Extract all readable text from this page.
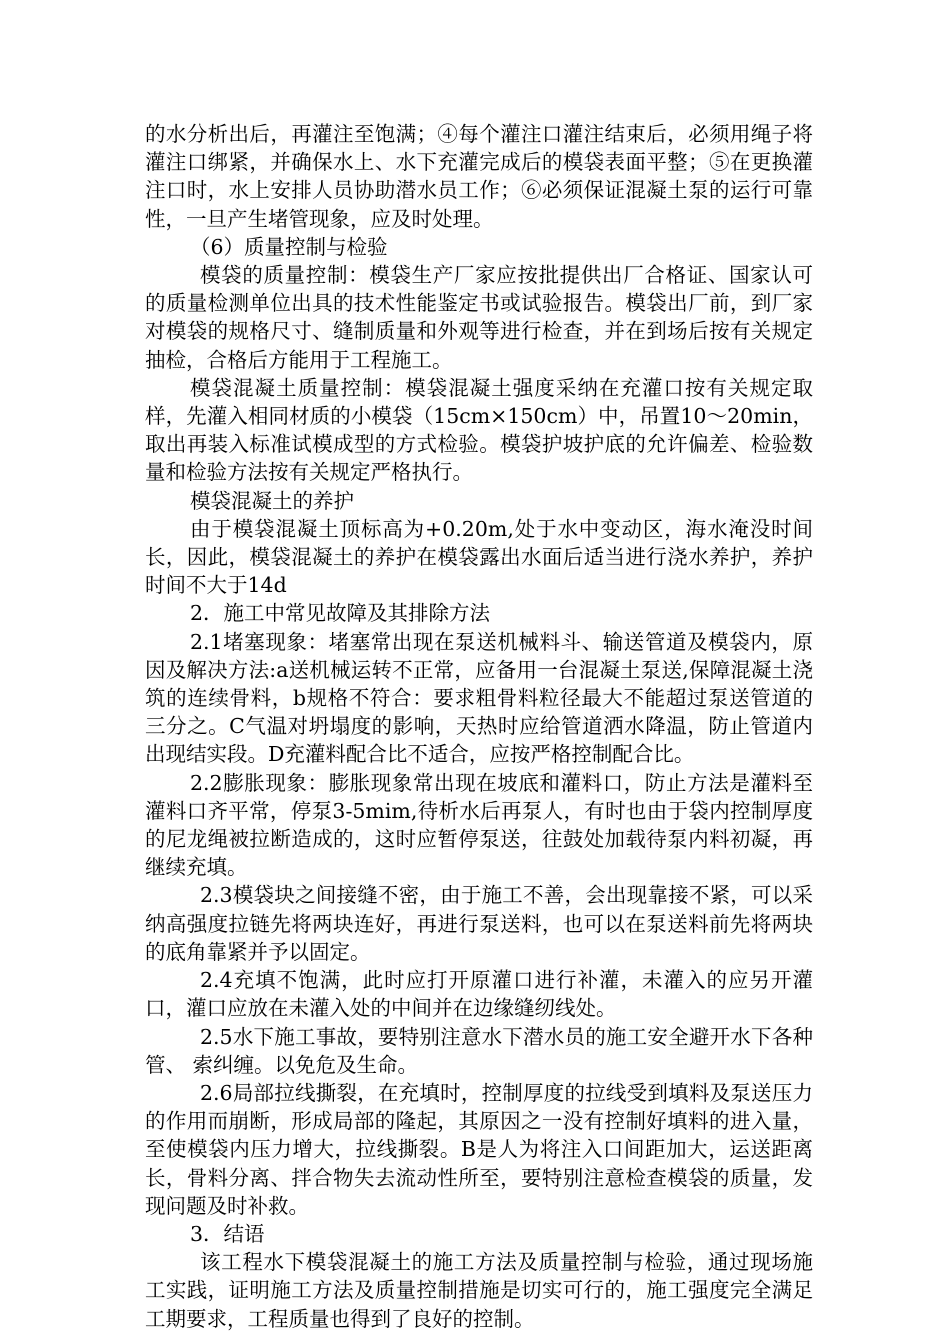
的水分析出后，再灌注至饱满；④每个灌注口灌注结束后，必须用绳子将灌注口绑紧，并确保水上、水下充灌完成后的模袋表面平整；⑤在更换灌注口时，水上安排人员协助潜水员工作；⑥必须保证混凝土泵的运行可靠性，一旦产生堵管现象，应及时处理。

（6）质量控制与检验

模袋的质量控制：模袋生产厂家应按批提供出厂合格证、国家认可的质量检测单位出具的技术性能鉴定书或试验报告。模袋出厂前，到厂家对模袋的规格尺寸、缝制质量和外观等进行检查，并在到场后按有关规定抽检，合格后方能用于工程施工。

模袋混凝土质量控制：模袋混凝土强度采纳在充灌口按有关规定取样，先灌入相同材质的小模袋（15cm×150cm）中，吊置10～20min，取出再装入标准试模成型的方式检验。模袋护坡护底的允许偏差、检验数量和检验方法按有关规定严格执行。

模袋混凝土的养护

由于模袋混凝土顶标高为+0.20m,处于水中变动区，海水淹没时间长，因此，模袋混凝土的养护在模袋露出水面后适当进行浇水养护，养护时间不大于14d

2．施工中常见故障及其排除方法

2.1堵塞现象：堵塞常出现在泵送机械料斗、输送管道及模袋内，原因及解决方法:a送机械运转不正常，应备用一台混凝土泵送,保障混凝土浇筑的连续骨料，b规格不符合：要求粗骨料粒径最大不能超过泵送管道的三分之。C气温对坍塌度的影响，天热时应给管道洒水降温，防止管道内出现结实段。D充灌料配合比不适合，应按严格控制配合比。

2.2膨胀现象：膨胀现象常出现在坡底和灌料口，防止方法是灌料至灌料口齐平常，停泵3-5mim,待析水后再泵人，有时也由于袋内控制厚度的尼龙绳被拉断造成的，这时应暂停泵送，往鼓处加载待泵内料初凝，再继续充填。

2.3模袋块之间接缝不密，由于施工不善，会出现靠接不紧，可以采纳高强度拉链先将两块连好，再进行泵送料，也可以在泵送料前先将两块的底角靠紧并予以固定。

2.4充填不饱满，此时应打开原灌口进行补灌，未灌入的应另开灌口，灌口应放在未灌入处的中间并在边缘缝纫线处。

2.5水下施工事故，要特别注意水下潜水员的施工安全避开水下各种管、 索纠缠。以免危及生命。

2.6局部拉线撕裂，在充填时，控制厚度的拉线受到填料及泵送压力的作用而崩断，形成局部的隆起，其原因之一没有控制好填料的进入量，至使模袋内压力增大，拉线撕裂。B是人为将注入口间距加大，运送距离长，骨料分离、拌合物失去流动性所至，要特别注意检查模袋的质量，发现问题及时补救。

3．结语

该工程水下模袋混凝土的施工方法及质量控制与检验，通过现场施工实践，证明施工方法及质量控制措施是切实可行的，施工强度完全满足工期要求，工程质量也得到了良好的控制。
